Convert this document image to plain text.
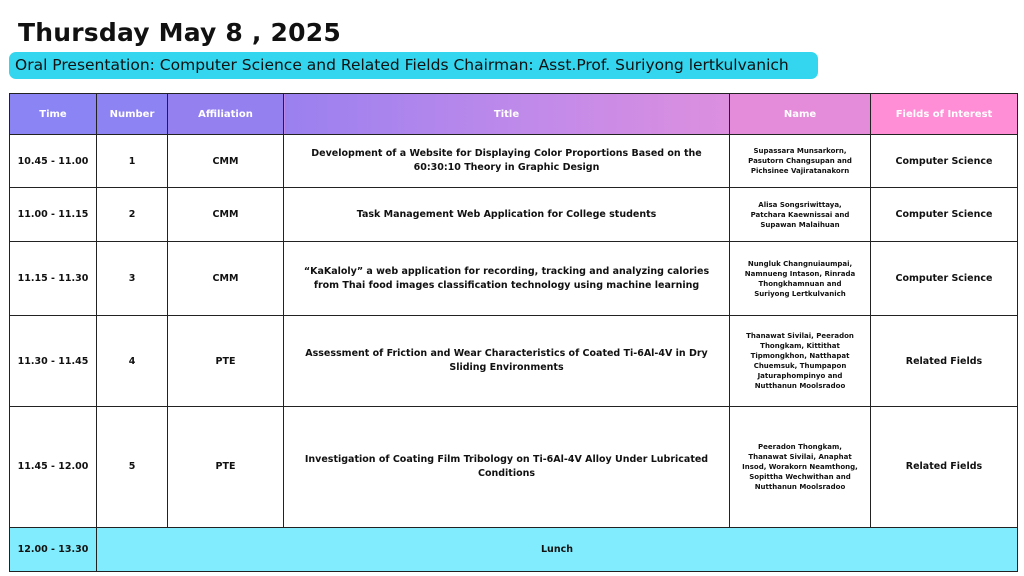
Thursday May 8 , 2025
Oral Presentation: Computer Science and Related Fields Chairman: Asst.Prof. Suriyong lertkulvanich
Time	Number	Affiliation	Title	Name	Fields of Interest
10.45 - 11.00	1	CMM	Development of a Website for Displaying Color Proportions Based on the 60:30:10 Theory in Graphic Design	Supassara Munsarkorn, Pasutorn Changsupan and Pichsinee Vajiratanakorn	Computer Science
11.00 - 11.15	2	CMM	Task Management Web Application for College students	Alisa Songsriwittaya, Patchara Kaewnissai and Supawan Malaihuan	Computer Science
11.15 - 11.30	3	CMM	“KaKaloly” a web application for recording, tracking and analyzing calories from Thai food images classification technology using machine learning	Nungluk Changnuiaumpai, Namnueng Intason, Rinrada Thongkhamnuan and Suriyong Lertkulvanich	Computer Science
11.30 - 11.45	4	PTE	Assessment of Friction and Wear Characteristics of Coated Ti-6Al-4V in Dry Sliding Environments	Thanawat Sivilai, Peeradon Thongkam, Kittithat Tipmongkhon, Natthapat Chuemsuk, Thumpapon Jaturaphompinyo and Nutthanun Moolsradoo	Related Fields
11.45 - 12.00	5	PTE	Investigation of Coating Film Tribology on Ti-6Al-4V Alloy Under Lubricated Conditions	Peeradon Thongkam, Thanawat Sivilai, Anaphat Insod, Worakorn Neamthong, Sopittha Wechwithan and Nutthanun Moolsradoo	Related Fields
12.00 - 13.30	Lunch				
